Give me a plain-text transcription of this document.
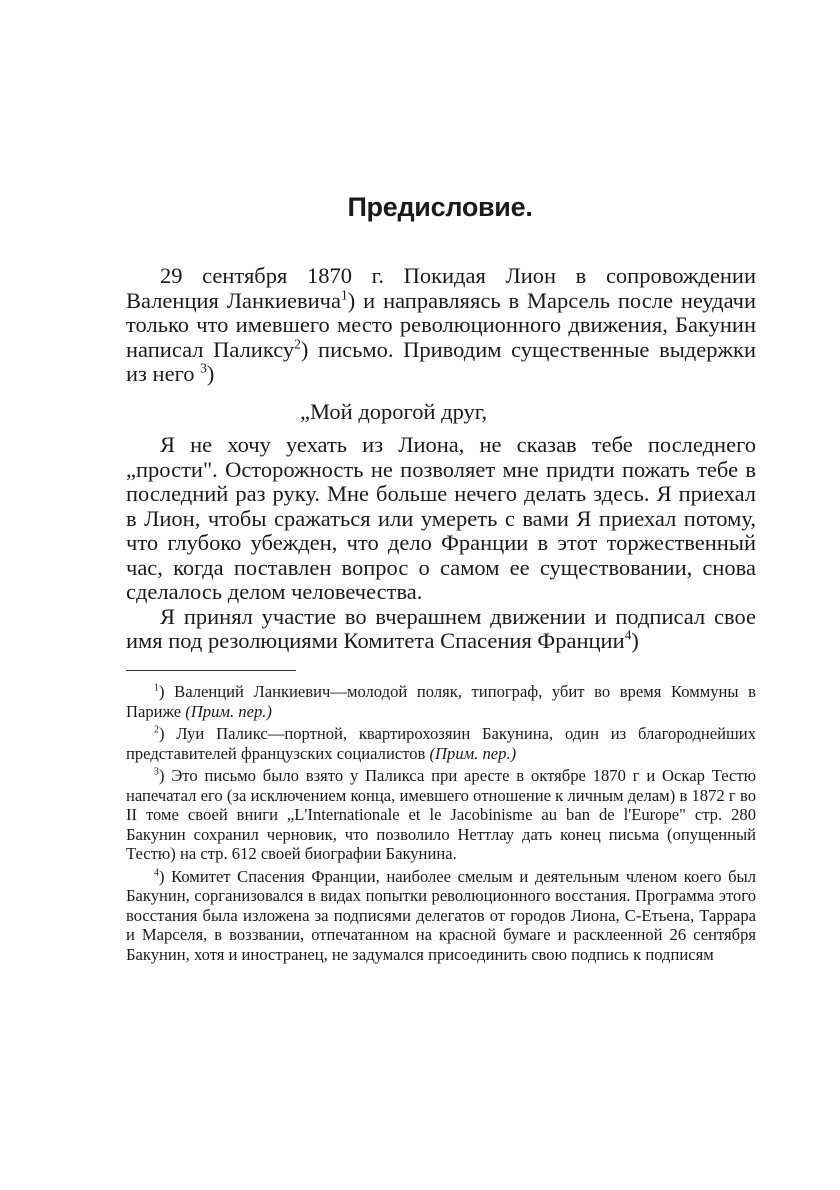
Предисловие.

29 сентября 1870 г. Покидая Лион в сопровождении Валенция Ланкиевича$^1$) и направляясь в Марсель после неудачи только что имевшего место революционного движения, Бакунин написал Паликсу$^2$) письмо. Приводим существенные выдержки из него $^3$)

„Мой дорогой друг,

Я не хочу уехать из Лиона, не сказав тебе последнего „прости". Осторожность не позволяет мне придти пожать тебе в последний раз руку. Мне больше нечего делать здесь. Я приехал в Лион, чтобы сражаться или умереть с вами Я приехал потому, что глубоко убежден, что дело Франции в этот торжественный час, когда поставлен вопрос о самом ее существовании, снова сделалось делом человечества.

Я принял участие во вчерашнем движении и подписал свое имя под резолюциями Комитета Спасения Франции$^4$)

$^1$) Валенций Ланкиевич—молодой поляк, типограф, убит во время Коммуны в Париже (Прим. пер.)

$^2$) Луи Паликс—портной, квартирохозяин Бакунина, один из благороднейших представителей французских социалистов (Прим. пер.)

$^3$) Это письмо было взято у Паликса при аресте в октябре 1870 г и Оскар Тестю напечатал его (за исключением конца, имевшего отношение к личным делам) в 1872 г во II томе своей вниги „L'Internationale et le Jacobinisme au ban de l'Europe" стр. 280 Бакунин сохранил черновик, что позволило Неттлау дать конец письма (опущенный Тестю) на стр. 612 своей биографии Бакунина.

$^4$) Комитет Спасения Франции, наиболее смелым и деятельным членом коего был Бакунин, сорганизовался в видах попытки революционного восстания. Программа этого восстания была изложена за подписями делегатов от городов Лиона, С-Етьена, Таррара и Марселя, в воззвании, отпечатанном на красной бумаге и расклеенной 26 сентября Бакунин, хотя и иностранец, не задумался присоединить свою подпись к подписям
